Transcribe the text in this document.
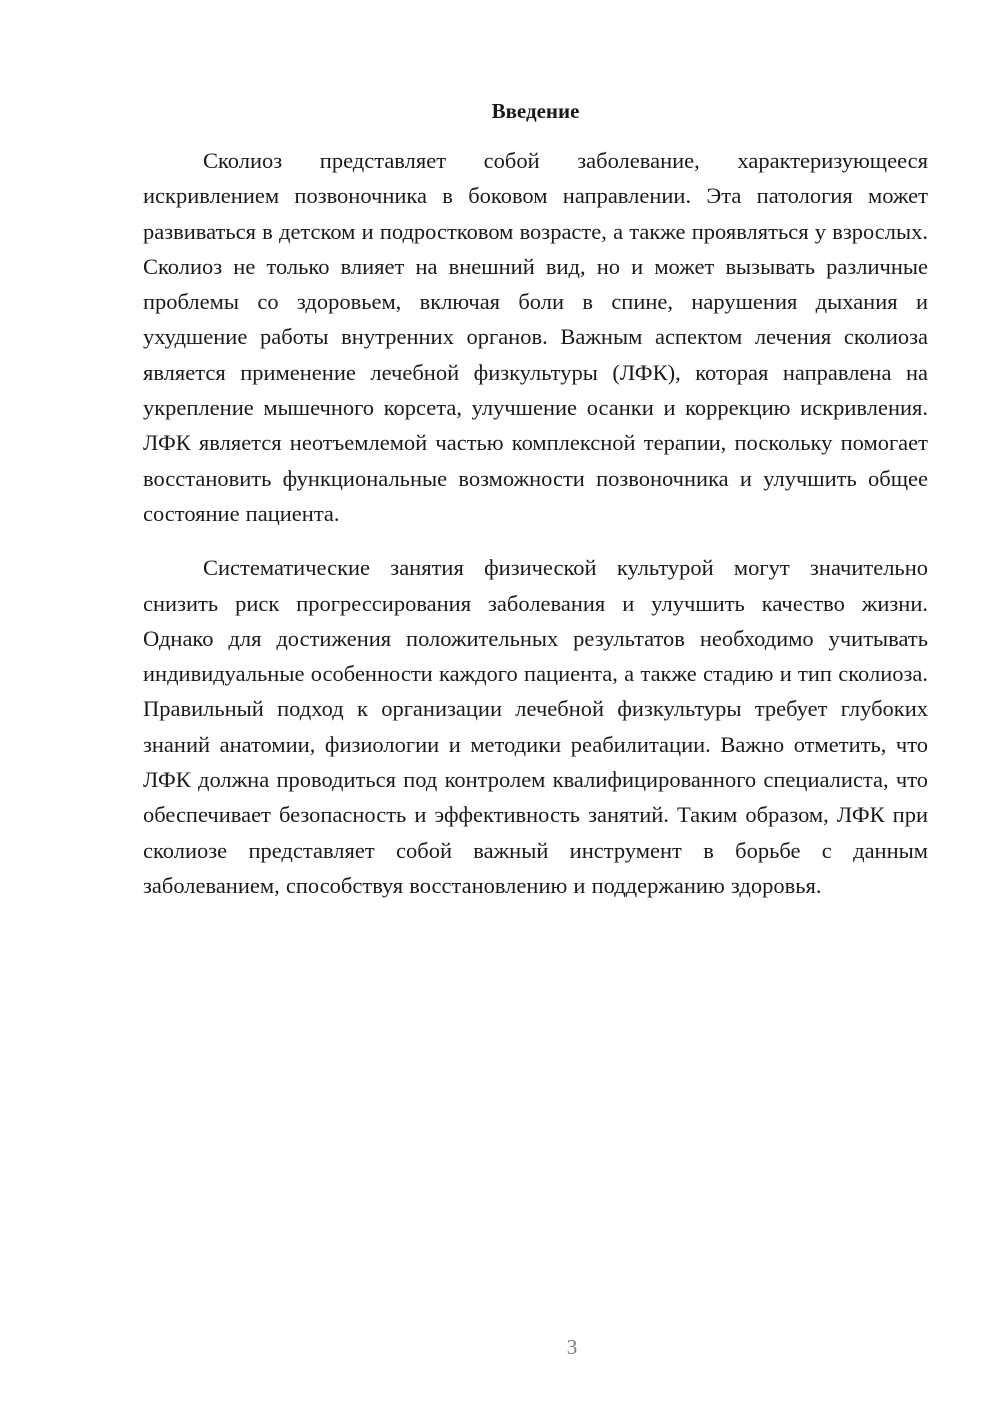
Введение

Сколиоз представляет собой заболевание, характеризующееся искривлением позвоночника в боковом направлении. Эта патология может развиваться в детском и подростковом возрасте, а также проявляться у взрослых. Сколиоз не только влияет на внешний вид, но и может вызывать различные проблемы со здоровьем, включая боли в спине, нарушения дыхания и ухудшение работы внутренних органов. Важным аспектом лечения сколиоза является применение лечебной физкультуры (ЛФК), которая направлена на укрепление мышечного корсета, улучшение осанки и коррекцию искривления. ЛФК является неотъемлемой частью комплексной терапии, поскольку помогает восстановить функциональные возможности позвоночника и улучшить общее состояние пациента.

Систематические занятия физической культурой могут значительно снизить риск прогрессирования заболевания и улучшить качество жизни. Однако для достижения положительных результатов необходимо учитывать индивидуальные особенности каждого пациента, а также стадию и тип сколиоза. Правильный подход к организации лечебной физкультуры требует глубоких знаний анатомии, физиологии и методики реабилитации. Важно отметить, что ЛФК должна проводиться под контролем квалифицированного специалиста, что обеспечивает безопасность и эффективность занятий. Таким образом, ЛФК при сколиозе представляет собой важный инструмент в борьбе с данным заболеванием, способствуя восстановлению и поддержанию здоровья.

3
